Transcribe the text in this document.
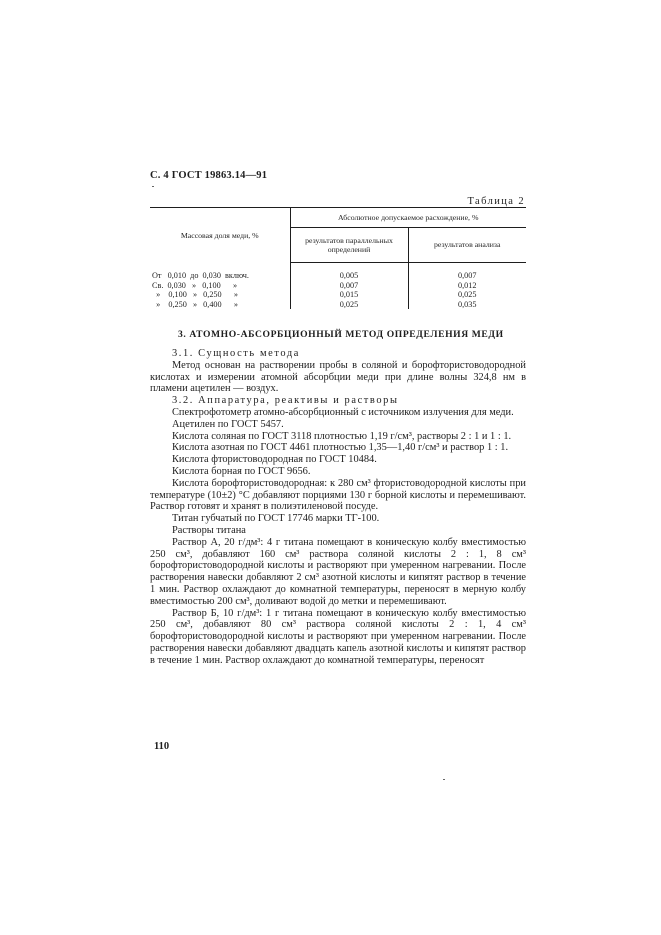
С. 4 ГОСТ 19863.14—91
Таблица 2
Массовая доля меди, %	Абсолютное допускаемое расхождение, %	
	результатов параллельных определений	результатов анализа
От   0,010  до  0,030  включ.	0,005	0,007
Св.  0,030   »   0,100      »	0,007	0,012
»    0,100   »   0,250      »	0,015	0,025
»    0,250   »   0,400      »	0,025	0,035
3. АТОМНО-АБСОРБЦИОННЫЙ МЕТОД ОПРЕДЕЛЕНИЯ МЕДИ

3.1. Сущность метода

Метод основан на растворении пробы в соляной и борофтористоводородной кислотах и измерении атомной абсорбции меди при длине волны 324,8 нм в пламени ацетилен — воздух.

3.2. Аппаратура, реактивы и растворы

Спектрофотометр атомно-абсорбционный с источником излучения для меди.

Ацетилен по ГОСТ 5457.

Кислота соляная по ГОСТ 3118 плотностью 1,19 г/см³, растворы 2 : 1 и 1 : 1.

Кислота азотная по ГОСТ 4461 плотностью 1,35—1,40 г/см³ и раствор 1 : 1.

Кислота фтористоводородная по ГОСТ 10484.

Кислота борная по ГОСТ 9656.

Кислота борофтористоводородная: к 280 см³ фтористоводородной кислоты при температуре (10±2) °C добавляют порциями 130 г борной кислоты и перемешивают. Раствор готовят и хранят в полиэтиленовой посуде.

Титан губчатый по ГОСТ 17746 марки ТГ-100.

Растворы титана

Раствор А, 20 г/дм³: 4 г титана помещают в коническую колбу вместимостью 250 см³, добавляют 160 см³ раствора соляной кислоты 2 : 1, 8 см³ борофтористоводородной кислоты и растворяют при умеренном нагревании. После растворения навески добавляют 2 см³ азотной кислоты и кипятят раствор в течение 1 мин. Раствор охлаждают до комнатной температуры, переносят в мерную колбу вместимостью 200 см³, доливают водой до метки и перемешивают.

Раствор Б, 10 г/дм³: 1 г титана помещают в коническую колбу вместимостью 250 см³, добавляют 80 см³ раствора соляной кислоты 2 : 1, 4 см³ борофтористоводородной кислоты и растворяют при умеренном нагревании. После растворения навески добавляют двадцать капель азотной кислоты и кипятят раствор в течение 1 мин. Раствор охлаждают до комнатной температуры, переносят

110
